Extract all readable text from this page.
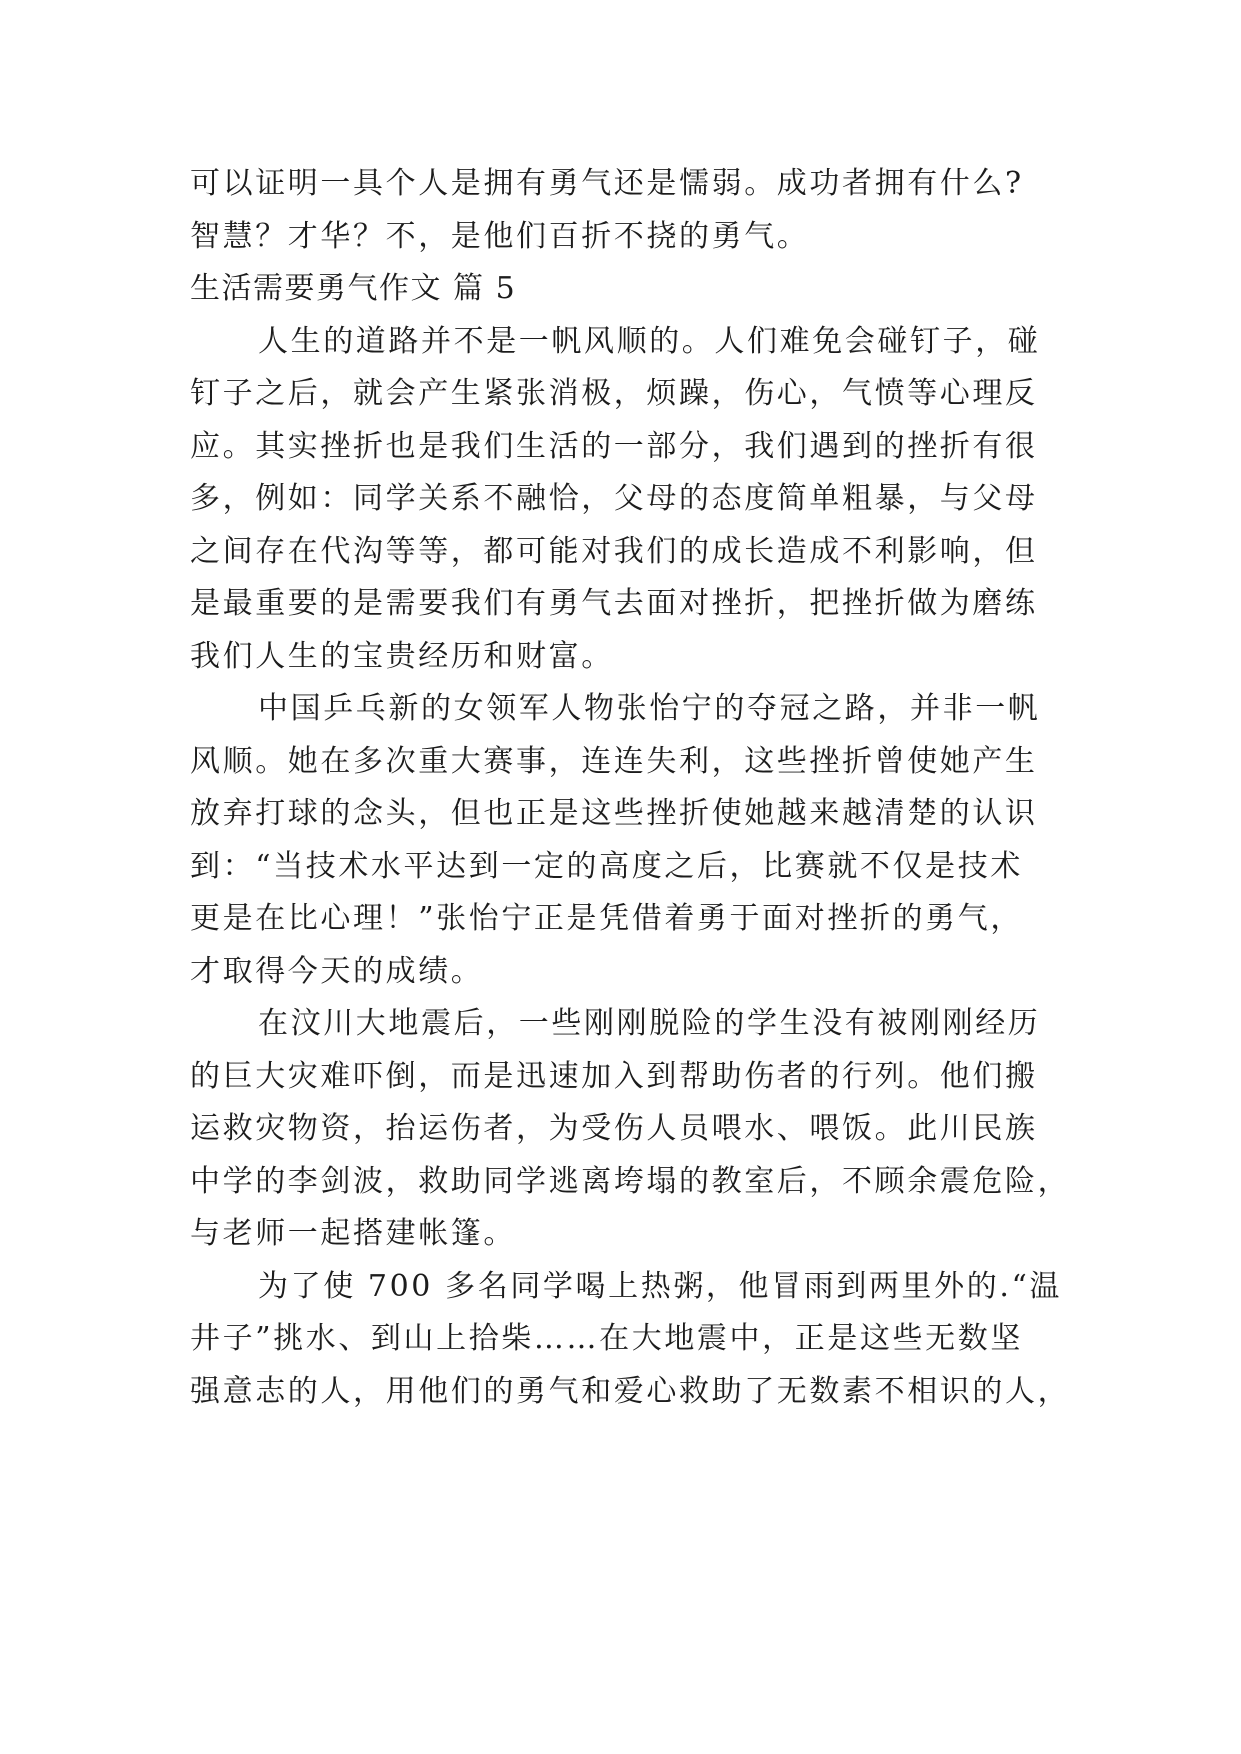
可以证明一具个人是拥有勇气还是懦弱。成功者拥有什么?
智慧？才华？不，是他们百折不挠的勇气。

生活需要勇气作文 篇 5

人生的道路并不是一帆风顺的。人们难免会碰钉子，碰
钉子之后，就会产生紧张消极，烦躁，伤心，气愤等心理反
应。其实挫折也是我们生活的一部分，我们遇到的挫折有很
多，例如：同学关系不融恰，父母的态度简单粗暴，与父母
之间存在代沟等等，都可能对我们的成长造成不利影响，但
是最重要的是需要我们有勇气去面对挫折，把挫折做为磨练
我们人生的宝贵经历和财富。

中国乒乓新的女领军人物张怡宁的夺冠之路，并非一帆
风顺。她在多次重大赛事，连连失利，这些挫折曾使她产生
放弃打球的念头，但也正是这些挫折使她越来越清楚的认识
到：“当技术水平达到一定的高度之后，比赛就不仅是技术
更是在比心理！”张怡宁正是凭借着勇于面对挫折的勇气，
才取得今天的成绩。

在汶川大地震后，一些刚刚脱险的学生没有被刚刚经历
的巨大灾难吓倒，而是迅速加入到帮助伤者的行列。他们搬
运救灾物资，抬运伤者，为受伤人员喂水、喂饭。此川民族
中学的李剑波，救助同学逃离垮塌的教室后，不顾余震危险，
与老师一起搭建帐篷。

为了使 700 多名同学喝上热粥，他冒雨到两里外的.“温
井子”挑水、到山上拾柴……在大地震中，正是这些无数坚
强意志的人，用他们的勇气和爱心救助了无数素不相识的人，
